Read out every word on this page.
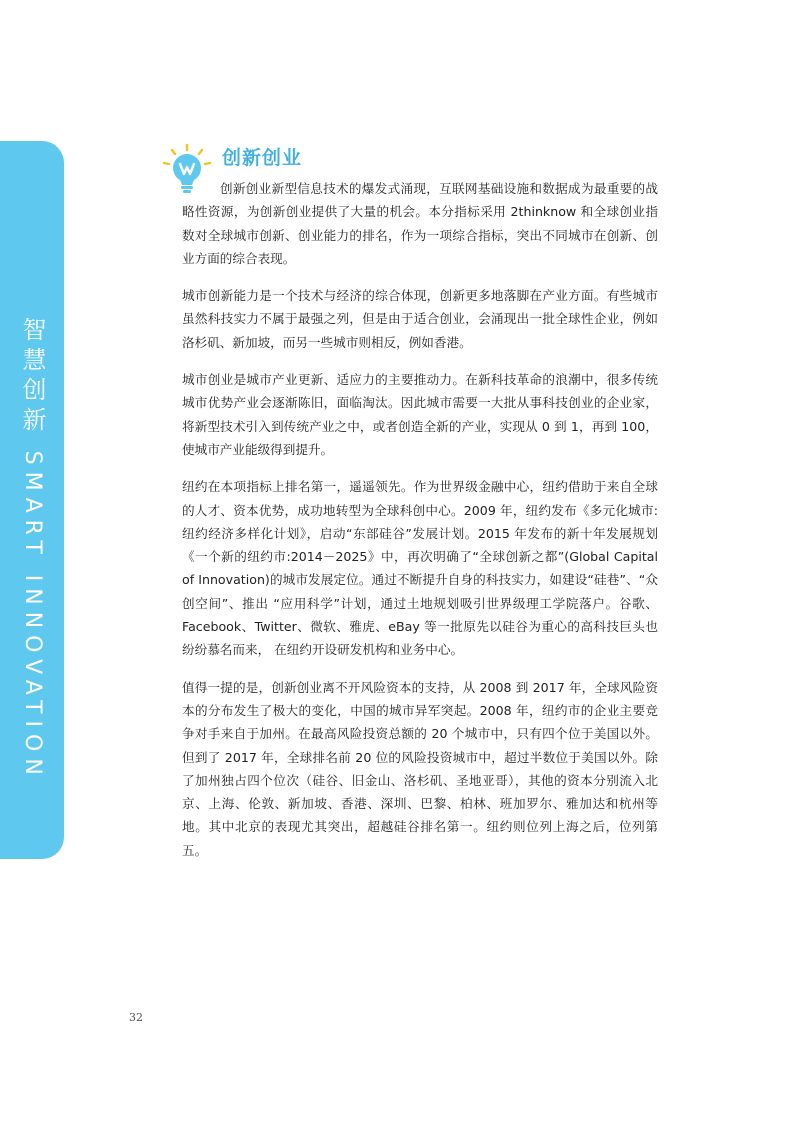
智慧创新 SMART INNOVATION
创新创业

创新创业新型信息技术的爆发式涌现，互联网基础设施和数据成为最重要的战略性资源，为创新创业提供了大量的机会。本分指标采用 2thinknow 和全球创业指数对全球城市创新、创业能力的排名，作为一项综合指标，突出不同城市在创新、创业方面的综合表现。

城市创新能力是一个技术与经济的综合体现，创新更多地落脚在产业方面。有些城市虽然科技实力不属于最强之列，但是由于适合创业，会涌现出一批全球性企业，例如洛杉矶、新加坡，而另一些城市则相反，例如香港。

城市创业是城市产业更新、适应力的主要推动力。在新科技革命的浪潮中，很多传统城市优势产业会逐渐陈旧，面临淘汰。因此城市需要一大批从事科技创业的企业家，将新型技术引入到传统产业之中，或者创造全新的产业，实现从 0 到 1，再到 100，使城市产业能级得到提升。

纽约在本项指标上排名第一，遥遥领先。作为世界级金融中心，纽约借助于来自全球的人才、资本优势，成功地转型为全球科创中心。2009 年，纽约发布《多元化城市:纽约经济多样化计划》，启动“东部硅谷”发展计划。2015 年发布的新十年发展规划《一个新的纽约市:2014－2025》中，再次明确了“全球创新之都”(Global Capital of Innovation)的城市发展定位。通过不断提升自身的科技实力，如建设“硅巷”、“众创空间”、推出 “应用科学”计划，通过土地规划吸引世界级理工学院落户。谷歌、Facebook、Twitter、微软、雅虎、eBay 等一批原先以硅谷为重心的高科技巨头也纷纷慕名而来， 在纽约开设研发机构和业务中心。

值得一提的是，创新创业离不开风险资本的支持，从 2008 到 2017 年，全球风险资本的分布发生了极大的变化，中国的城市异军突起。2008 年，纽约市的企业主要竞争对手来自于加州。在最高风险投资总额的 20 个城市中，只有四个位于美国以外。但到了 2017 年，全球排名前 20 位的风险投资城市中，超过半数位于美国以外。除了加州独占四个位次（硅谷、旧金山、洛杉矶、圣地亚哥），其他的资本分别流入北京、上海、伦敦、新加坡、香港、深圳、巴黎、柏林、班加罗尔、雅加达和杭州等地。其中北京的表现尤其突出，超越硅谷排名第一。纽约则位列上海之后，位列第五。

32
